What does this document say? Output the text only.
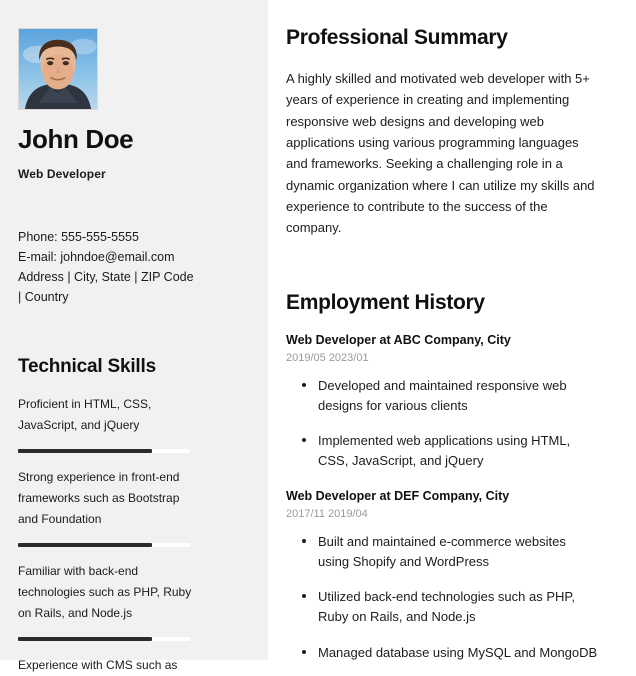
John Doe
Web Developer
Phone: 555-555-5555
E-mail: johndoe@email.com
Address | City, State | ZIP Code
| Country
Technical Skills
Proficient in HTML, CSS, JavaScript, and jQuery
Strong experience in front-end frameworks such as Bootstrap and Foundation
Familiar with back-end technologies such as PHP, Ruby on Rails, and Node.js
Experience with CMS such as
Professional Summary

A highly skilled and motivated web developer with 5+ years of experience in creating and implementing responsive web designs and developing web applications using various programming languages and frameworks. Seeking a challenging role in a dynamic organization where I can utilize my skills and experience to contribute to the success of the company.

Employment History
Web Developer at ABC Company, City
2019/05 2023/01
Developed and maintained responsive web designs for various clients
Implemented web applications using HTML, CSS, JavaScript, and jQuery
Web Developer at DEF Company, City
2017/11 2019/04
Built and maintained e-commerce websites using Shopify and WordPress
Utilized back-end technologies such as PHP, Ruby on Rails, and Node.js
Managed database using MySQL and MongoDB
